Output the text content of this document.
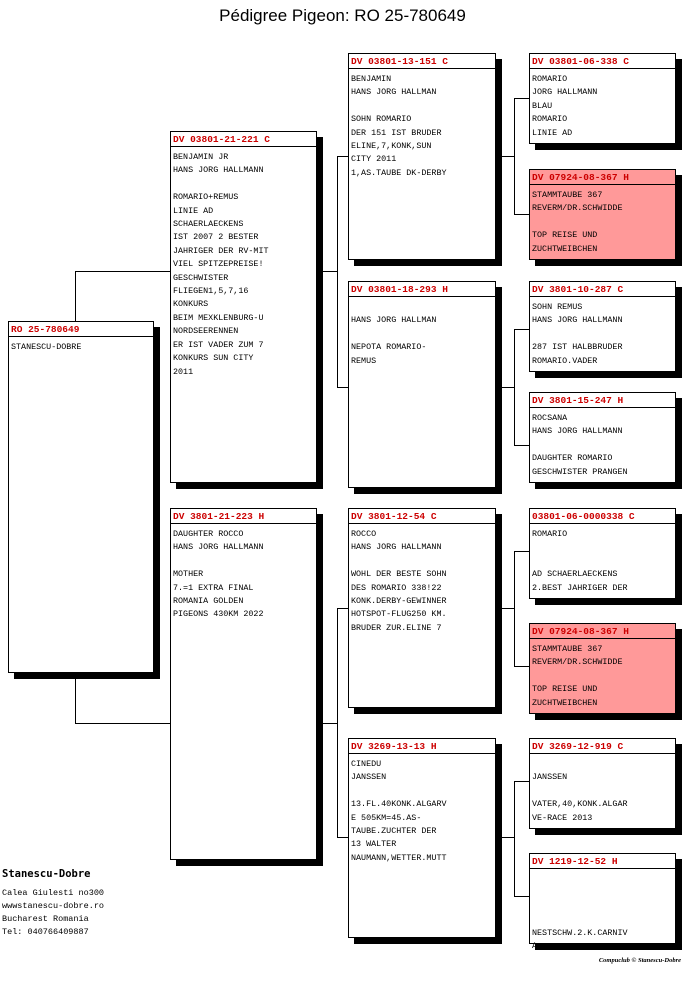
Pédigree Pigeon: RO 25-780649
RO 25-780649
STANESCU-DOBRE
DV 03801-21-221 C
BENJAMIN JR
HANS JORG HALLMANN

ROMARIO+REMUS
LINIE AD
SCHAERLAECKENS
IST 2007 2 BESTER
JAHRIGER DER RV-MIT
VIEL SPITZEPREISE!
GESCHWISTER
FLIEGEN1,5,7,16
KONKURS
BEIM MEXKLENBURG-U
NORDSEERENNEN
ER IST VADER ZUM 7
KONKURS SUN CITY
2011
DV 3801-21-223 H
DAUGHTER ROCCO
HANS JORG HALLMANN

MOTHER
7.=1 EXTRA FINAL
ROMANIA GOLDEN
PIGEONS 430KM 2022
DV 03801-13-151 C
BENJAMIN
HANS JORG HALLMAN

SOHN ROMARIO
DER 151 IST BRUDER
ELINE,7,KONK,SUN
CITY 2011
1,AS.TAUBE DK-DERBY
DV 03801-18-293 H

HANS JORG HALLMAN

NEPOTA ROMARIO-
REMUS
DV 3801-12-54 C
ROCCO
HANS JORG HALLMANN

WOHL DER BESTE SOHN
DES ROMARIO 338!22
KONK.DERBY-GEWINNER
HOTSPOT-FLUG250 KM.
BRUDER ZUR.ELINE 7
DV 3269-13-13 H
CINEDU
JANSSEN

13.FL.40KONK.ALGARV
E 505KM=45.AS-
TAUBE.ZUCHTER DER
13 WALTER
NAUMANN,WETTER.MUTT
DV 03801-06-338 C
ROMARIO
JORG HALLMANN
BLAU
ROMARIO
LINIE AD
DV 07924-08-367 H
STAMMTAUBE 367
REVERM/DR.SCHWIDDE

TOP REISE UND
ZUCHTWEIBCHEN
DV 3801-10-287 C
SOHN REMUS
HANS JORG HALLMANN

287 IST HALBBRUDER
ROMARIO.VADER
DV 3801-15-247 H
ROCSANA
HANS JORG HALLMANN

DAUGHTER ROMARIO
GESCHWISTER PRANGEN
03801-06-0000338 C
ROMARIO

AD SCHAERLAECKENS
2.BEST JAHRIGER DER
DV 07924-08-367 H
STAMMTAUBE 367
REVERM/DR.SCHWIDDE

TOP REISE UND
ZUCHTWEIBCHEN
DV 3269-12-919 C

JANSSEN

VATER,40,KONK.ALGAR
VE-RACE 2013
DV 1219-12-52 H

NESTSCHW.2.K.CARNIV
A
Stanescu-Dobre
Calea Giulesti no300
wwwstanescu-dobre.ro
Bucharest Romania
Tel: 040766409887
Compuclub © Stanescu-Dobre
